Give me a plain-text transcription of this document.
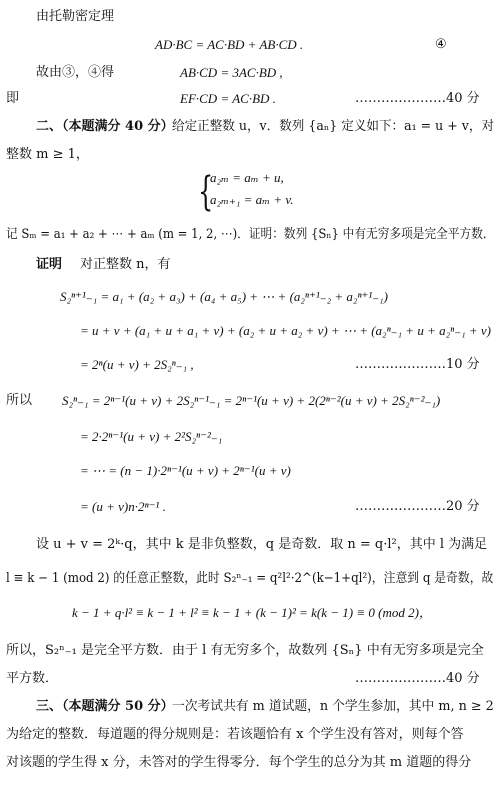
由托勒密定理
AD·BC = AC·BD + AB·CD .	④
故由③，④得	AB·CD = 3AC·BD ,
即	EF·CD = AC·BD .	…………………40 分
二、（本题满分 40 分）
给定正整数 u，v．数列 {aₙ} 定义如下：a₁ = u + v，对
整数 m ≥ 1，
{
a₂ₘ = aₘ + u,
a₂ₘ₊₁ = aₘ + v.
记 Sₘ = a₁ + a₂ + ⋯ + aₘ (m = 1, 2, ⋯)．证明：数列 {Sₙ} 中有无穷多项是完全平方数．
证明 对正整数 n，有
S₂ⁿ⁺¹₋₁ = a₁ + (a₂ + a₃) + (a₄ + a₅) + ⋯ + (a₂ⁿ⁺¹₋₂ + a₂ⁿ⁺¹₋₁)
= u + v + (a₁ + u + a₁ + v) + (a₂ + u + a₂ + v) + ⋯ + (a₂ⁿ₋₁ + u + a₂ⁿ₋₁ + v)
= 2ⁿ(u + v) + 2S₂ⁿ₋₁ ,	…………………10 分
所以 S₂ⁿ₋₁ = 2ⁿ⁻¹(u + v) + 2S₂ⁿ⁻¹₋₁ = 2ⁿ⁻¹(u + v) + 2(2ⁿ⁻²(u + v) + 2S₂ⁿ⁻²₋₁)
= 2·2ⁿ⁻¹(u + v) + 2²S₂ⁿ⁻²₋₁
= ⋯ = (n − 1)·2ⁿ⁻¹(u + v) + 2ⁿ⁻¹(u + v)
= (u + v)n·2ⁿ⁻¹ .	…………………20 分
设 u + v = 2ᵏ·q，其中 k 是非负整数，q 是奇数．取 n = q·l²，其中 l 为满足
l ≡ k − 1 (mod 2) 的任意正整数，此时 S₂ⁿ₋₁ = q²l²·2^(k−1+ql²)，注意到 q 是奇数，故
k − 1 + q·l² ≡ k − 1 + l² ≡ k − 1 + (k − 1)² = k(k − 1) ≡ 0 (mod 2)，
所以，S₂ⁿ₋₁ 是完全平方数．由于 l 有无穷多个，故数列 {Sₙ} 中有无穷多项是完全
平方数．	…………………40 分
三、（本题满分 50 分）
一次考试共有 m 道试题，n 个学生参加，其中 m, n ≥ 2
为给定的整数．每道题的得分规则是：若该题恰有 x 个学生没有答对，则每个答
对该题的学生得 x 分，未答对的学生得零分．每个学生的总分为其 m 道题的得分
